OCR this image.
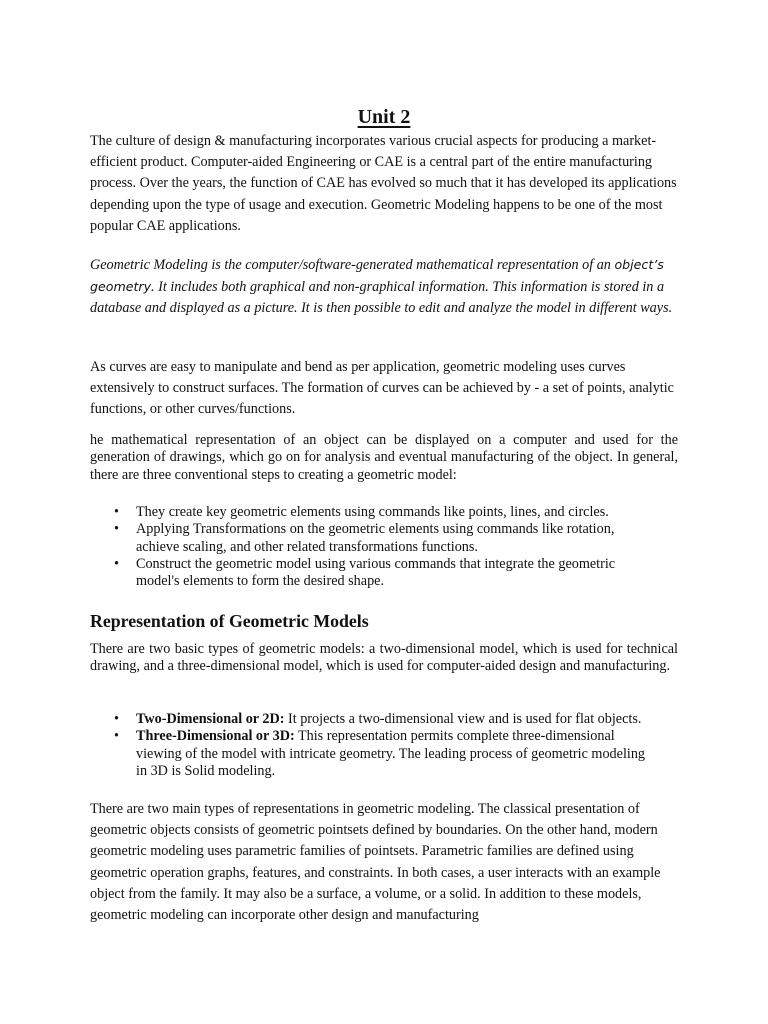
Unit 2

The culture of design & manufacturing incorporates various crucial aspects for producing a market- efficient product. Computer-aided Engineering or CAE is a central part of the entire manufacturing process. Over the years, the function of CAE has evolved so much that it has developed its applications depending upon the type of usage and execution. Geometric Modeling happens to be one of the most popular CAE applications.

Geometric Modeling is the computer/software-generated mathematical representation of an object’s geometry. It includes both graphical and non-graphical information. This information is stored in a database and displayed as a picture. It is then possible to edit and analyze the model in different ways.

As curves are easy to manipulate and bend as per application, geometric modeling uses curves extensively to construct surfaces. The formation of curves can be achieved by - a set of points, analytic functions, or other curves/functions.

he mathematical representation of an object can be displayed on a computer and used for the generation of drawings, which go on for analysis and eventual manufacturing of the object. In general, there are three conventional steps to creating a geometric model:

• They create key geometric elements using commands like points, lines, and circles.
• Applying Transformations on the geometric elements using commands like rotation, achieve scaling, and other related transformations functions.
• Construct the geometric model using various commands that integrate the geometric model's elements to form the desired shape.
Representation of Geometric Models

There are two basic types of geometric models: a two-dimensional model, which is used for technical drawing, and a three-dimensional model, which is used for computer-aided design and manufacturing.

• Two-Dimensional or 2D: It projects a two-dimensional view and is used for flat objects.
• Three-Dimensional or 3D: This representation permits complete three-dimensional viewing of the model with intricate geometry. The leading process of geometric modeling in 3D is Solid modeling.

There are two main types of representations in geometric modeling. The classical presentation of geometric objects consists of geometric pointsets defined by boundaries. On the other hand, modern geometric modeling uses parametric families of pointsets. Parametric families are defined using geometric operation graphs, features, and constraints. In both cases, a user interacts with an example object from the family. It may also be a surface, a volume, or a solid. In addition to these models, geometric modeling can incorporate other design and manufacturing
